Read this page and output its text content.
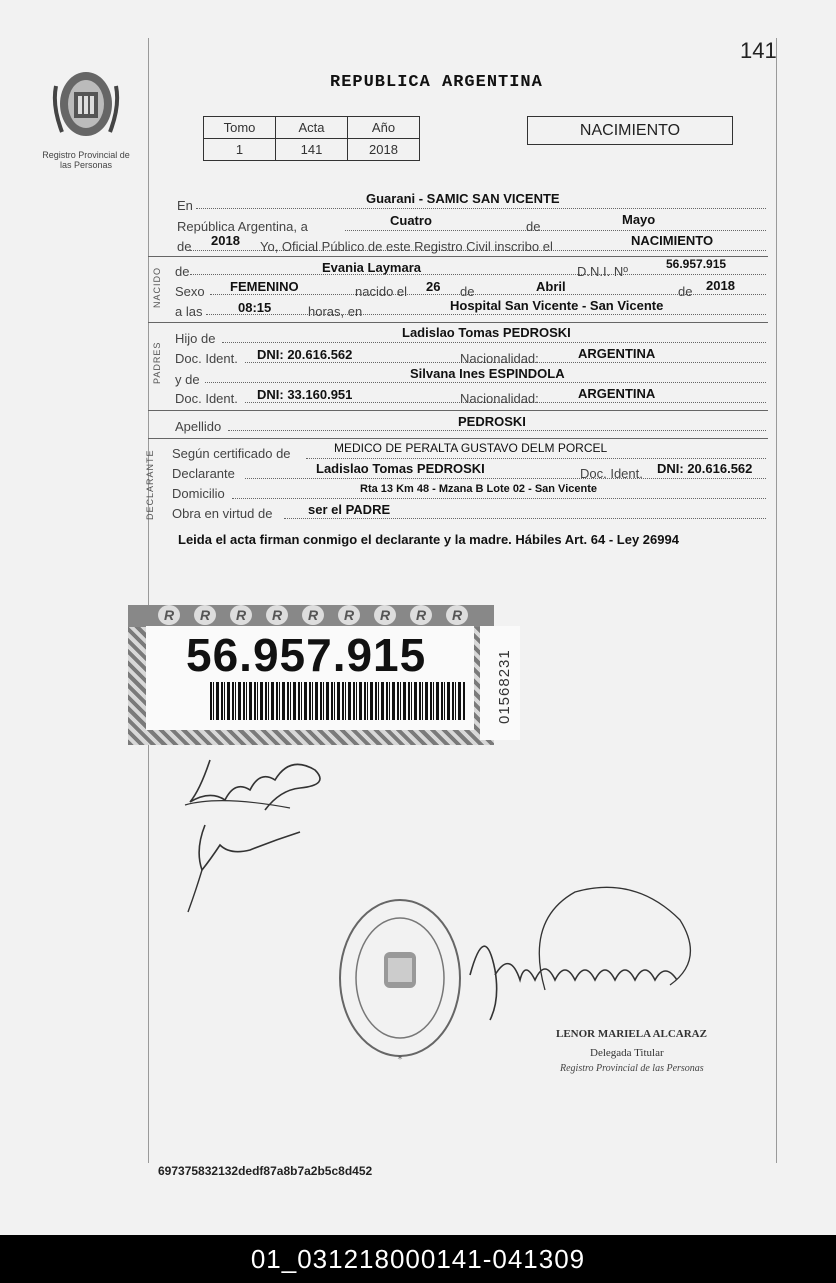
141
Registro Provincial de las Personas
REPUBLICA ARGENTINA
Tomo	Acta	Año
1	141	2018
NACIMIENTO
En	Guarani - SAMIC SAN VICENTE
República Argentina, a	Cuatro	de	Mayo
de 2018 Yo, Oficial Público de este Registro Civil inscribo el	NACIMIENTO
NACIDO de	Evania Laymara	D.N.I. Nº	56.957.915
Sexo FEMENINO	nacido el 26 de	Abril	de 2018
a las	08:15	horas, en	Hospital San Vicente - San Vicente
PADRES
Hijo de	Ladislao Tomas PEDROSKI
Doc. Ident. DNI: 20.616.562	Nacionalidad:	ARGENTINA
y de	Silvana Ines ESPINDOLA
Doc. Ident. DNI: 33.160.951	Nacionalidad:	ARGENTINA
Apellido	PEDROSKI
DECLARANTE Según certificado de	MEDICO DE PERALTA GUSTAVO DELM PORCEL
Declarante	Ladislao Tomas PEDROSKI	Doc. Ident. DNI: 20.616.562
Domicilio	Rta 13 Km 48 - Mzana B Lote 02 - San Vicente
Obra en virtud de	ser el PADRE
Leida el acta firman conmigo el declarante y la madre. Hábiles Art. 64 - Ley 26994
R	R	R	R	R	R	R	R	R
56.957.915	01568231
*
LENOR MARIELA ALCARAZ
Delegada Titular
Registro Provincial de las Personas
697375832132dedf87a8b7a2b5c8d452
01_031218000141-041309
